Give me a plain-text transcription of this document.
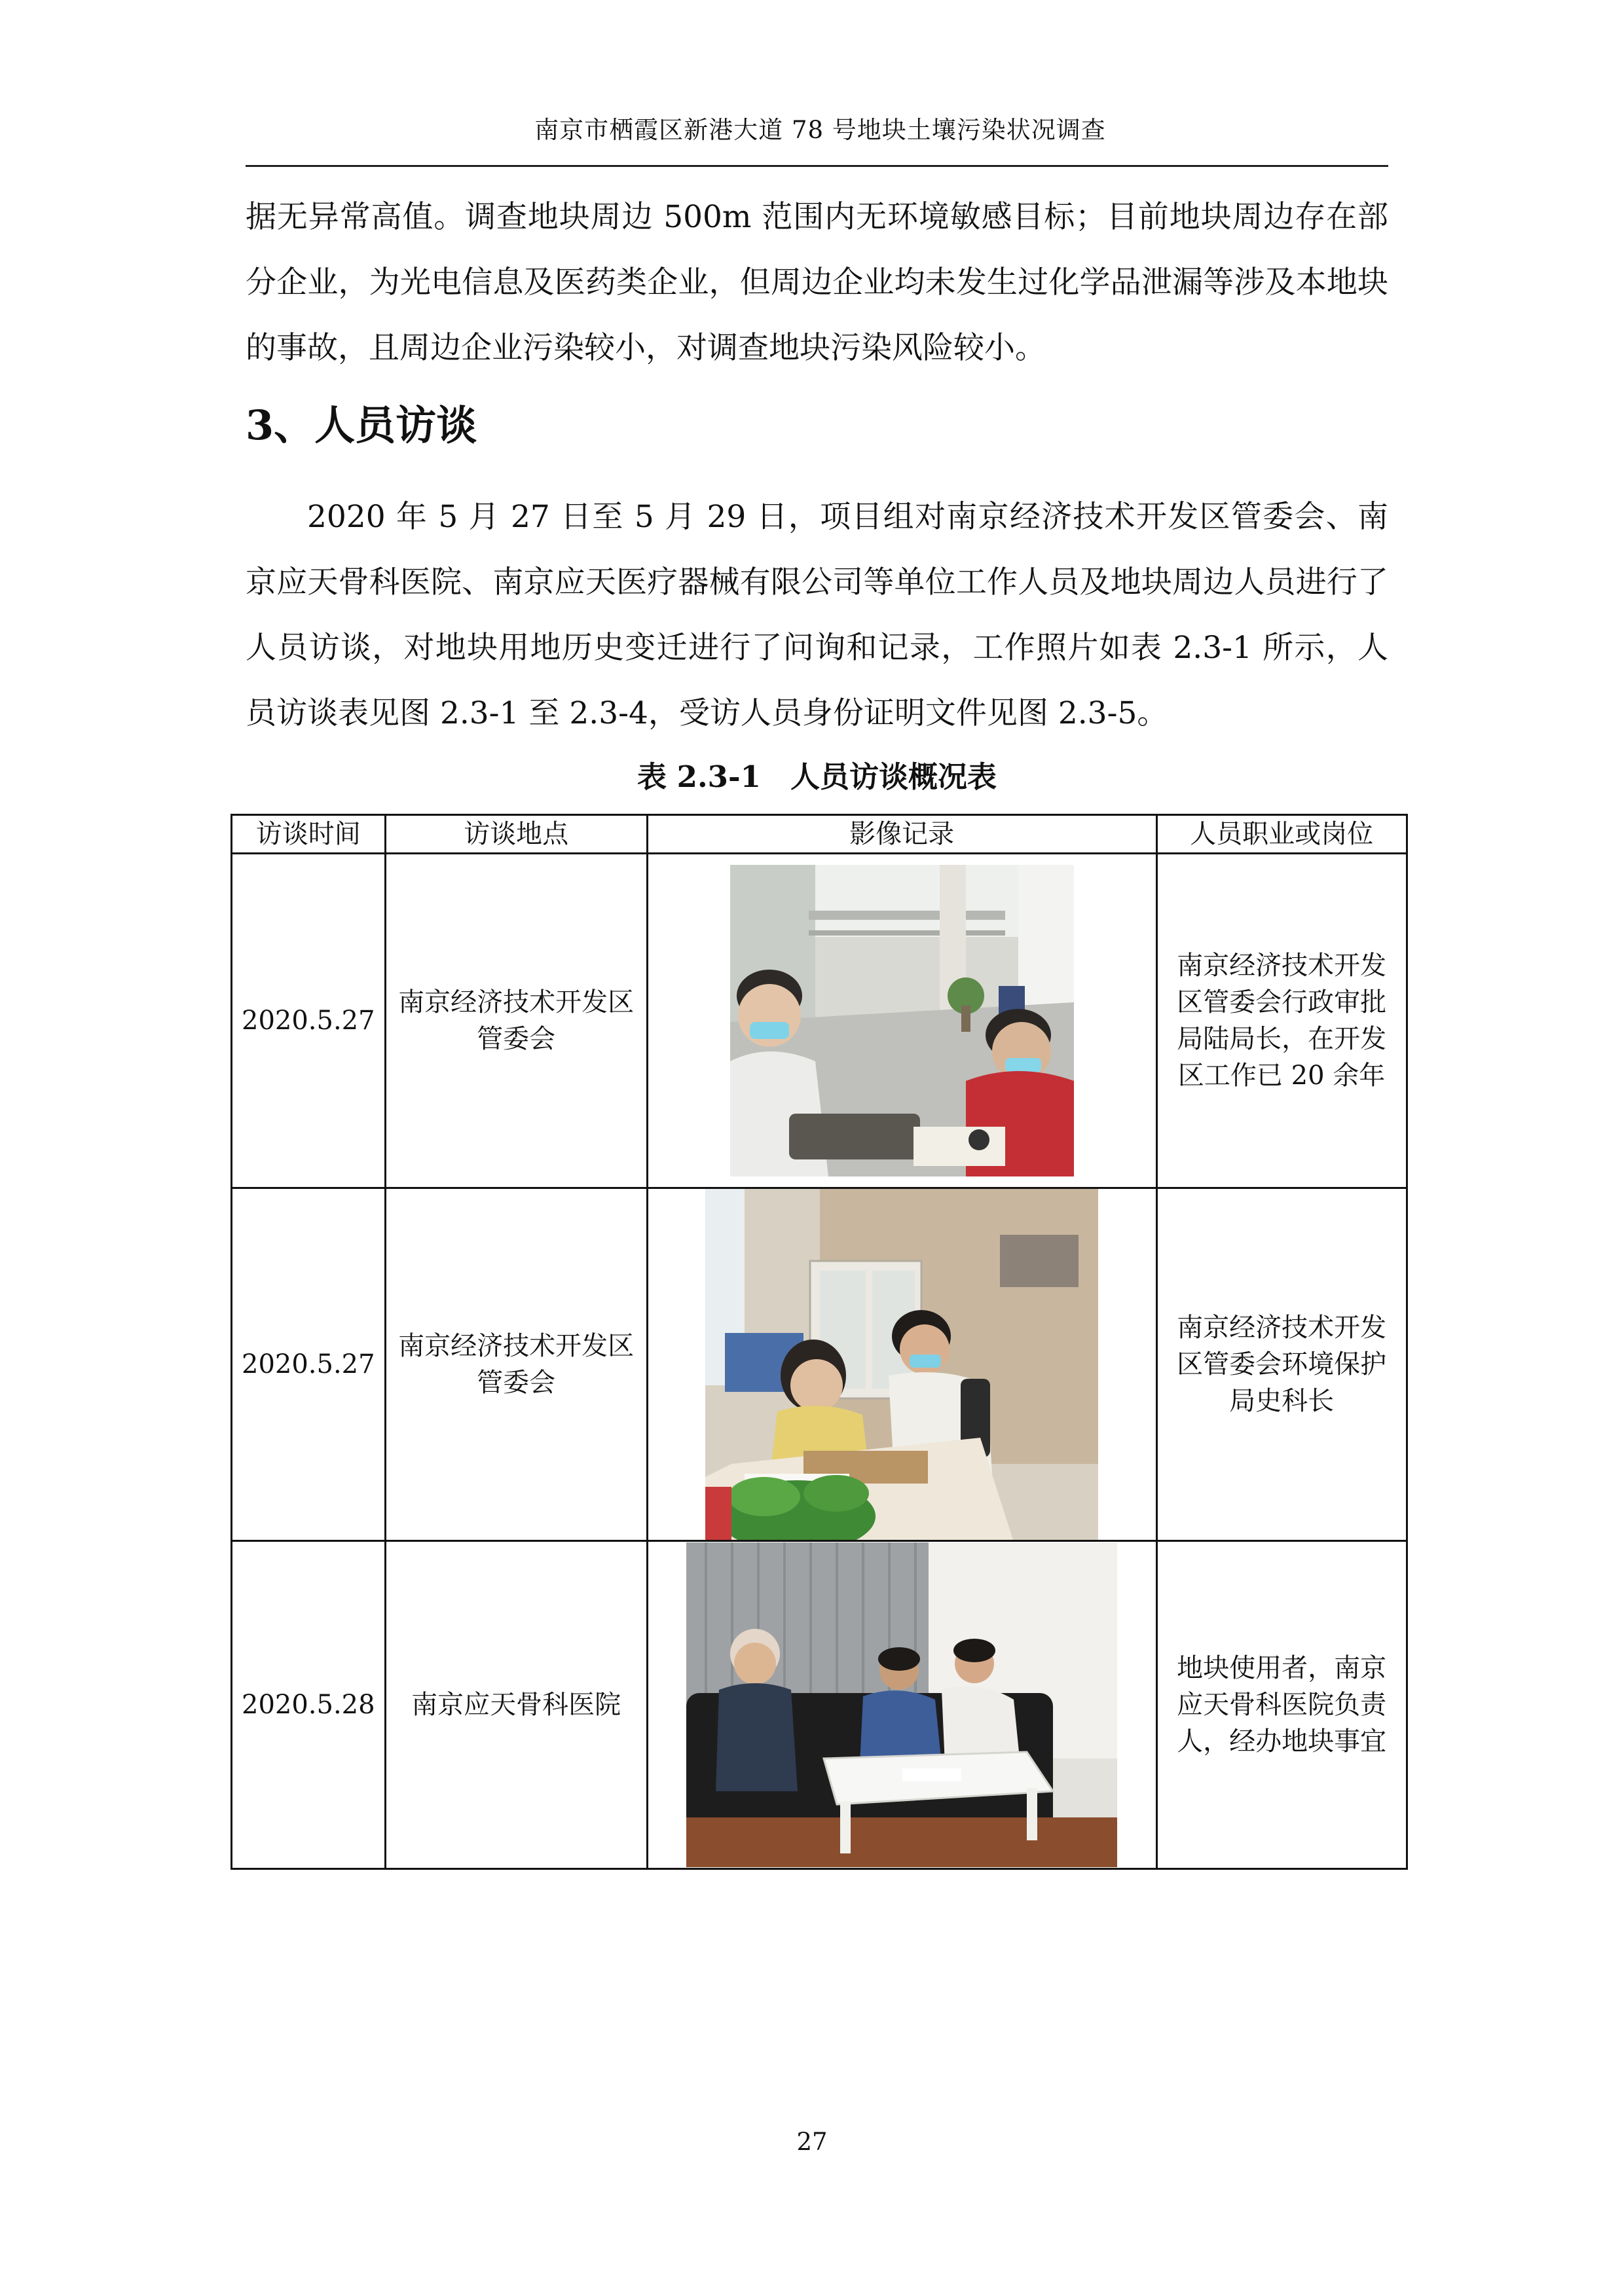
南京市栖霞区新港大道 78 号地块土壤污染状况调查
据无异常高值。调查地块周边 500m 范围内无环境敏感目标；目前地块周边存在部分企业，为光电信息及医药类企业，但周边企业均未发生过化学品泄漏等涉及本地块的事故，且周边企业污染较小，对调查地块污染风险较小。
3、人员访谈
2020 年 5 月 27 日至 5 月 29 日，项目组对南京经济技术开发区管委会、南京应天骨科医院、南京应天医疗器械有限公司等单位工作人员及地块周边人员进行了人员访谈，对地块用地历史变迁进行了问询和记录，工作照片如表 2.3-1 所示，人员访谈表见图 2.3-1 至 2.3-4，受访人员身份证明文件见图 2.3-5。
表 2.3-1　人员访谈概况表
访谈时间	访谈地点	影像记录	人员职业或岗位
2020.5.27	南京经济技术开发区管委会		南京经济技术开发区管委会行政审批局陆局长，在开发区工作已 20 余年
2020.5.27	南京经济技术开发区管委会		南京经济技术开发区管委会环境保护局史科长
2020.5.28	南京应天骨科医院		地块使用者，南京应天骨科医院负责人，经办地块事宜
27
